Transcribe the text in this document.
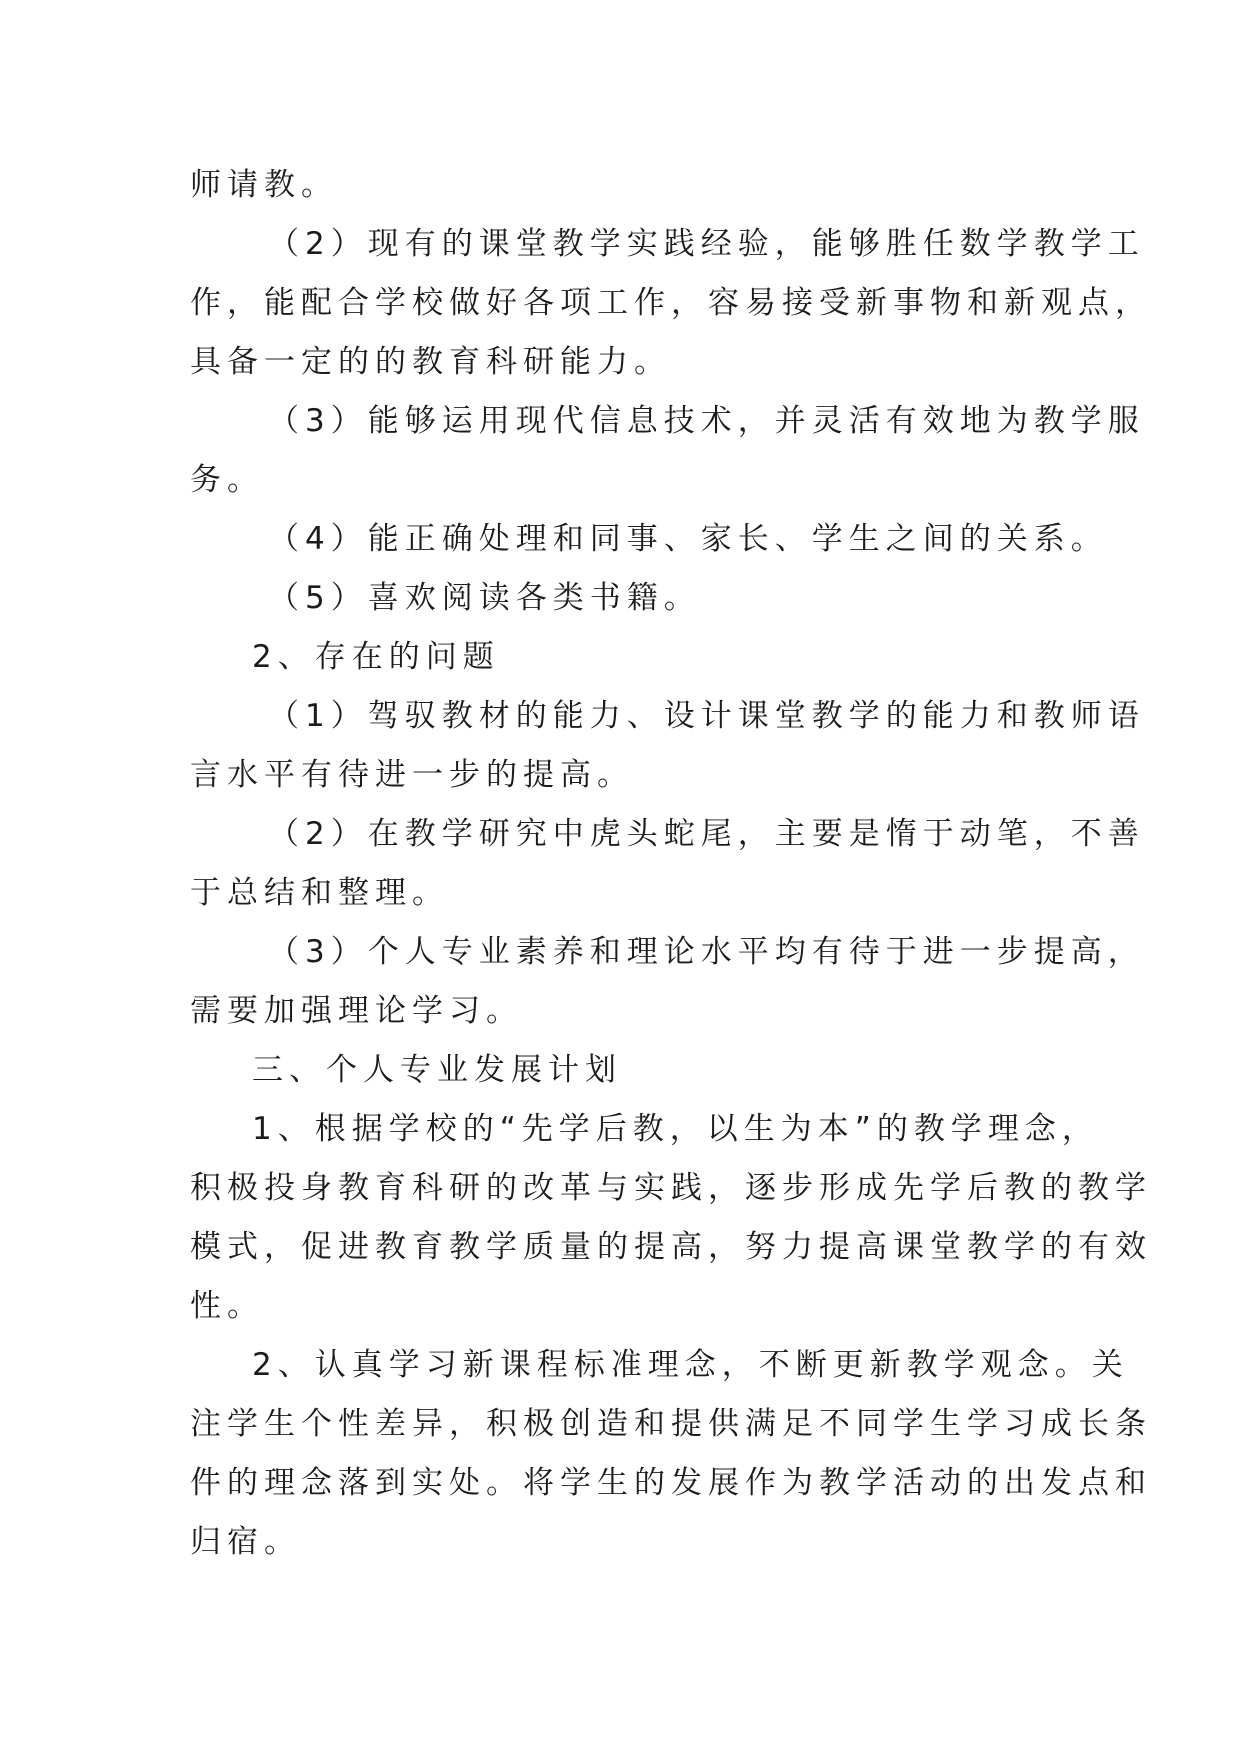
师请教。
（2）现有的课堂教学实践经验，能够胜任数学教学工
作，能配合学校做好各项工作，容易接受新事物和新观点，
具备一定的的教育科研能力。
（3）能够运用现代信息技术，并灵活有效地为教学服
务。
（4）能正确处理和同事、家长、学生之间的关系。
（5）喜欢阅读各类书籍。
2、存在的问题
（1）驾驭教材的能力、设计课堂教学的能力和教师语
言水平有待进一步的提高。
（2）在教学研究中虎头蛇尾，主要是惰于动笔，不善
于总结和整理。
（3）个人专业素养和理论水平均有待于进一步提高，
需要加强理论学习。
三、个人专业发展计划
1、根据学校的“先学后教，以生为本”的教学理念，
积极投身教育科研的改革与实践，逐步形成先学后教的教学
模式，促进教育教学质量的提高，努力提高课堂教学的有效
性。
2、认真学习新课程标准理念，不断更新教学观念。关
注学生个性差异，积极创造和提供满足不同学生学习成长条
件的理念落到实处。将学生的发展作为教学活动的出发点和
归宿。
